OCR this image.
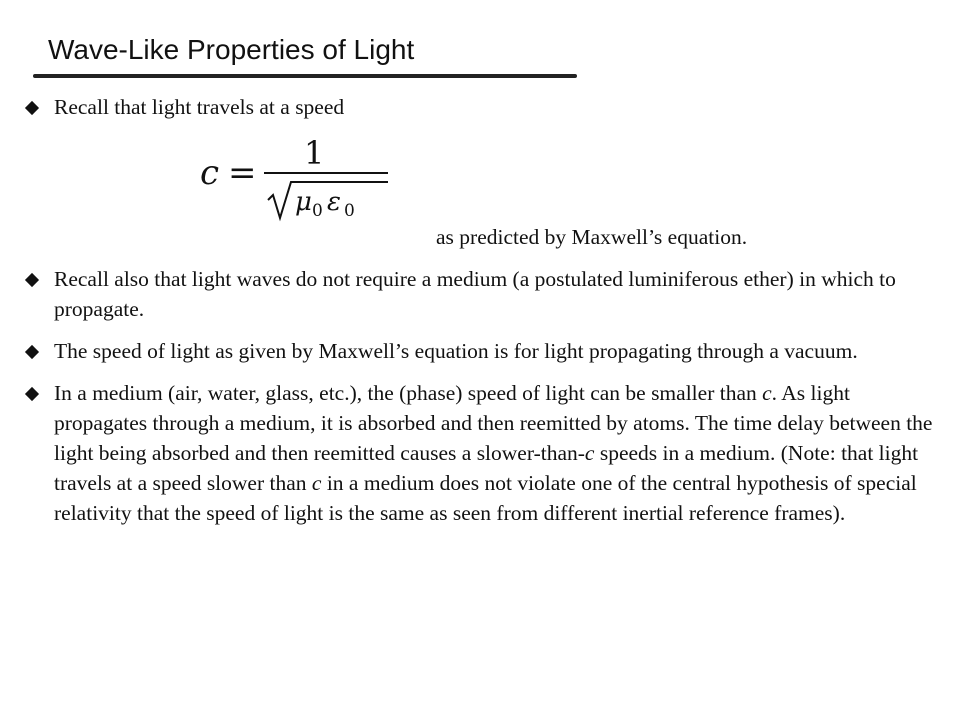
Wave-Like Properties of Light
Recall that light travels at a speed
c = 1
μ 0 ε 0
as predicted by Maxwell’s equation.
Recall also that light waves do not require a medium (a postulated luminiferous ether) in which to propagate.
The speed of light as given by Maxwell’s equation is for light propagating through a vacuum.
In a medium (air, water, glass, etc.), the (phase) speed of light can be smaller than c. As light propagates through a medium, it is absorbed and then reemitted by atoms. The time delay between the light being absorbed and then reemitted causes a slower-than-c speeds in a medium. (Note: that light travels at a speed slower than c in a medium does not violate one of the central hypothesis of special relativity that the speed of light is the same as seen from different inertial reference frames).
